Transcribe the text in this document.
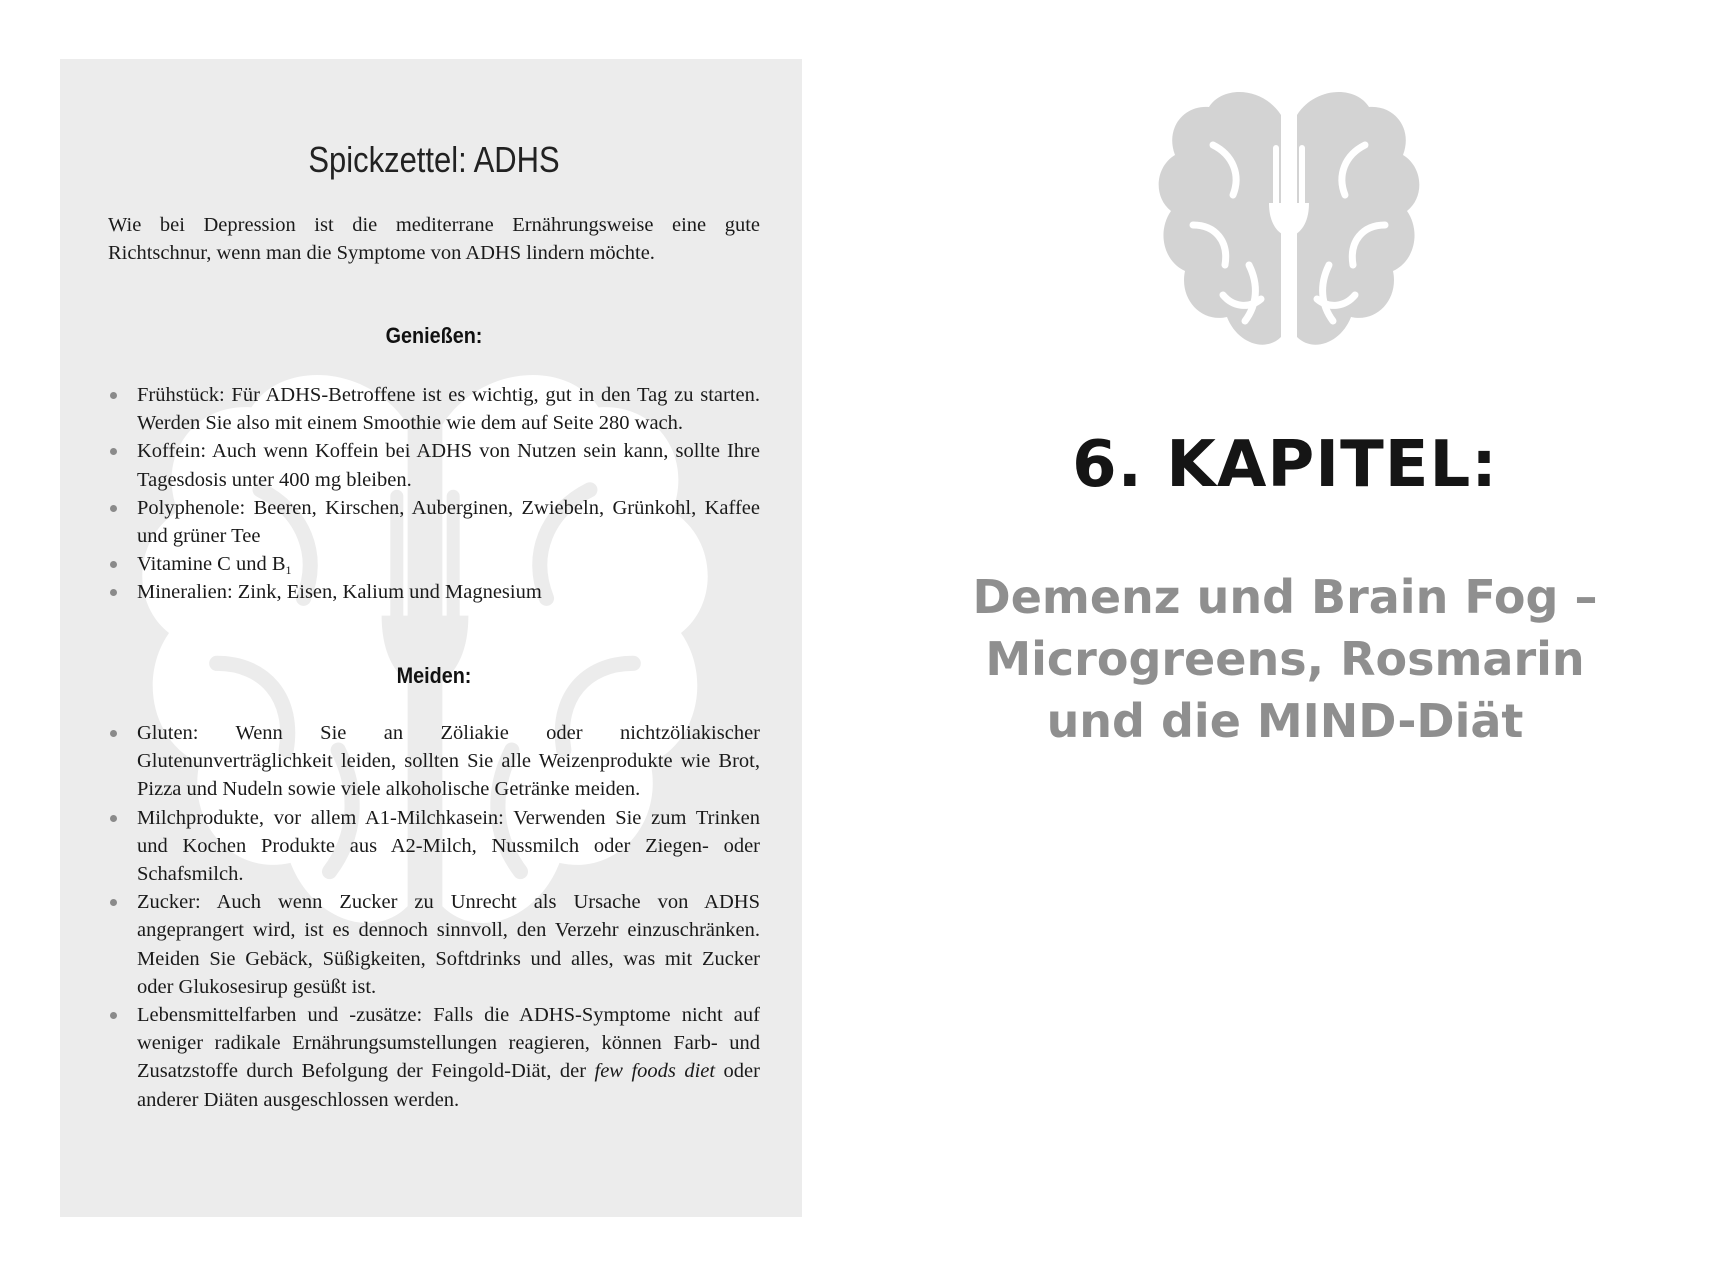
Spickzettel: ADHS
Wie bei Depression ist die mediterrane Ernährungsweise eine gute Richtschnur, wenn man die Symptome von ADHS lindern möchte.
Genießen:
Frühstück: Für ADHS-Betroffene ist es wichtig, gut in den Tag zu starten. Werden Sie also mit einem Smoothie wie dem auf Seite 280 wach.
Koffein: Auch wenn Koffein bei ADHS von Nutzen sein kann, sollte Ihre Tagesdosis unter 400 mg bleiben.
Polyphenole: Beeren, Kirschen, Auberginen, Zwiebeln, Grünkohl, Kaffee und grüner Tee
Vitamine C und $B_1$
Mineralien: Zink, Eisen, Kalium und Magnesium
Meiden:
Gluten: Wenn Sie an Zöliakie oder nichtzöliakischer Glutenunverträglichkeit leiden, sollten Sie alle Weizenprodukte wie Brot, Pizza und Nudeln sowie viele alkoholische Getränke meiden.
Milchprodukte, vor allem A1-Milchkasein: Verwenden Sie zum Trinken und Kochen Produkte aus A2-Milch, Nussmilch oder Ziegen- oder Schafsmilch.
Zucker: Auch wenn Zucker zu Unrecht als Ursache von ADHS angeprangert wird, ist es dennoch sinnvoll, den Verzehr einzuschränken. Meiden Sie Gebäck, Süßigkeiten, Softdrinks und alles, was mit Zucker oder Glukosesirup gesüßt ist.
Lebensmittelfarben und -zusätze: Falls die ADHS-Symptome nicht auf weniger radikale Ernährungsumstellungen reagieren, können Farb- und Zusatzstoffe durch Befolgung der Feingold-Diät, der few foods diet oder anderer Diäten ausgeschlossen werden.
6. KAPITEL:
Demenz und Brain Fog –
Microgreens, Rosmarin
und die MIND-Diät
